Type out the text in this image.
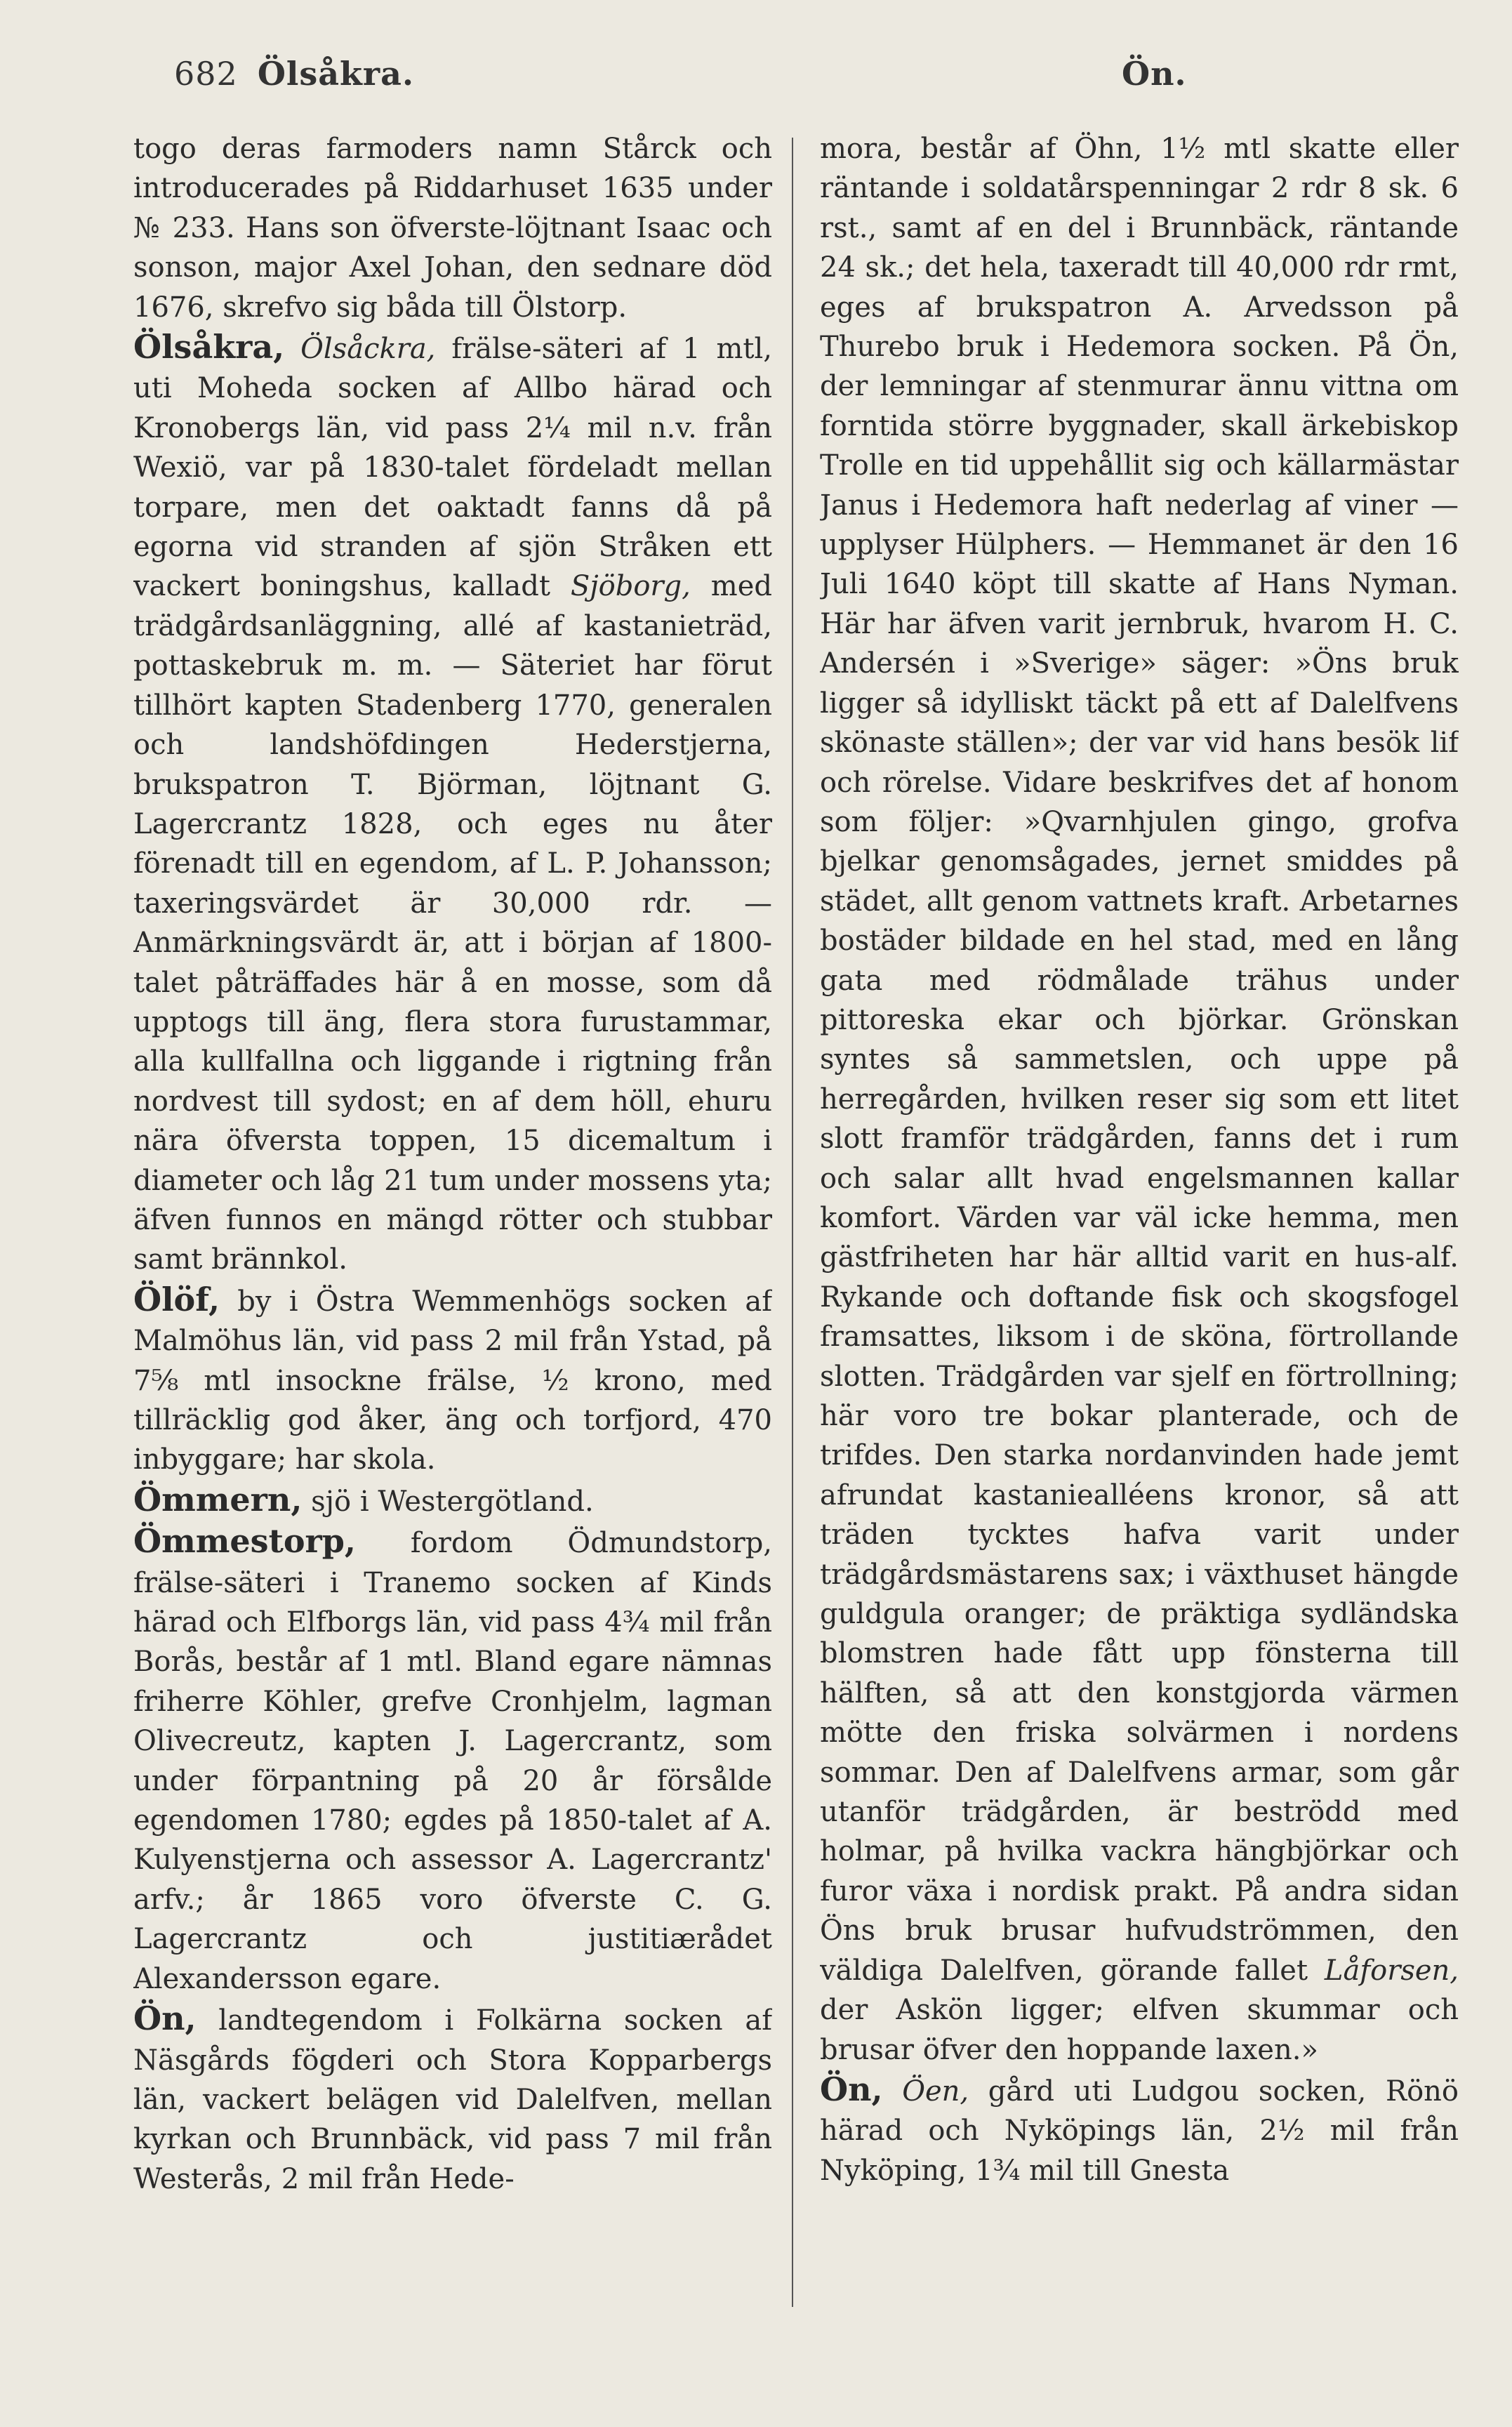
682 Ölsåkra.	Ön.

togo deras farmoders namn Stårck och introducerades på Riddarhuset 1635 under № 233. Hans son öfverste-löjtnant Isaac och sonson, major Axel Johan, den sednare död 1676, skrefvo sig båda till Ölstorp.

Ölsåkra, Ölsåckra, frälse-säteri af 1 mtl, uti Moheda socken af Allbo härad och Kronobergs län, vid pass 2¼ mil n.v. från Wexiö, var på 1830-talet fördeladt mellan torpare, men det oaktadt fanns då på egorna vid stranden af sjön Stråken ett vackert boningshus, kalladt Sjöborg, med trädgårdsanläggning, allé af kastanieträd, pottaskebruk m. m. — Säteriet har förut tillhört kapten Stadenberg 1770, generalen och landshöfdingen Hederstjerna, brukspatron T. Björman, löjtnant G. Lagercrantz 1828, och eges nu åter förenadt till en egendom, af L. P. Johansson; taxeringsvärdet är 30,000 rdr. — Anmärkningsvärdt är, att i början af 1800-talet påträffades här å en mosse, som då upptogs till äng, flera stora furustammar, alla kullfallna och liggande i rigtning från nordvest till sydost; en af dem höll, ehuru nära öfversta toppen, 15 dicemaltum i diameter och låg 21 tum under mossens yta; äfven funnos en mängd rötter och stubbar samt brännkol.

Ölöf, by i Östra Wemmenhögs socken af Malmöhus län, vid pass 2 mil från Ystad, på 7⅝ mtl insockne frälse, ½ krono, med tillräcklig god åker, äng och torfjord, 470 inbyggare; har skola.

Ömmern, sjö i Westergötland.

Ömmestorp, fordom Ödmundstorp, frälse-säteri i Tranemo socken af Kinds härad och Elfborgs län, vid pass 4¾ mil från Borås, består af 1 mtl. Bland egare nämnas friherre Köhler, grefve Cronhjelm, lagman Olivecreutz, kapten J. Lagercrantz, som under förpantning på 20 år försålde egendomen 1780; egdes på 1850-talet af A. Kulyenstjerna och assessor A. Lagercrantz' arfv.; år 1865 voro öfverste C. G. Lagercrantz och justitiærådet Alexandersson egare.

Ön, landtegendom i Folkärna socken af Näsgårds fögderi och Stora Kopparbergs län, vackert belägen vid Dalelfven, mellan kyrkan och Brunnbäck, vid pass 7 mil från Westerås, 2 mil från Hede-

mora, består af Öhn, 1½ mtl skatte eller räntande i soldatårspenningar 2 rdr 8 sk. 6 rst., samt af en del i Brunnbäck, räntande 24 sk.; det hela, taxeradt till 40,000 rdr rmt, eges af brukspatron A. Arvedsson på Thurebo bruk i Hedemora socken. På Ön, der lemningar af stenmurar ännu vittna om forntida större byggnader, skall ärkebiskop Trolle en tid uppehållit sig och källarmästar Janus i Hedemora haft nederlag af viner — upplyser Hülphers. — Hemmanet är den 16 Juli 1640 köpt till skatte af Hans Nyman. Här har äfven varit jernbruk, hvarom H. C. Andersén i »Sverige» säger: »Öns bruk ligger så idylliskt täckt på ett af Dalelfvens skönaste ställen»; der var vid hans besök lif och rörelse. Vidare beskrifves det af honom som följer: »Qvarnhjulen gingo, grofva bjelkar genomsågades, jernet smiddes på städet, allt genom vattnets kraft. Arbetarnes bostäder bildade en hel stad, med en lång gata med rödmålade trähus under pittoreska ekar och björkar. Grönskan syntes så sammetslen, och uppe på herregården, hvilken reser sig som ett litet slott framför trädgården, fanns det i rum och salar allt hvad engelsmannen kallar komfort. Värden var väl icke hemma, men gästfriheten har här alltid varit en hus-alf. Rykande och doftande fisk och skogsfogel framsattes, liksom i de sköna, förtrollande slotten. Trädgården var sjelf en förtrollning; här voro tre bokar planterade, och de trifdes. Den starka nordanvinden hade jemt afrundat kastaniealléens kronor, så att träden tycktes hafva varit under trädgårdsmästarens sax; i växthuset hängde guldgula oranger; de präktiga sydländska blomstren hade fått upp fönsterna till hälften, så att den konstgjorda värmen mötte den friska solvärmen i nordens sommar. Den af Dalelfvens armar, som går utanför trädgården, är beströdd med holmar, på hvilka vackra hängbjörkar och furor växa i nordisk prakt. På andra sidan Öns bruk brusar hufvudströmmen, den väldiga Dalelfven, görande fallet Låforsen, der Askön ligger; elfven skummar och brusar öfver den hoppande laxen.»

Ön, Öen, gård uti Ludgou socken, Rönö härad och Nyköpings län, 2½ mil från Nyköping, 1¾ mil till Gnesta
